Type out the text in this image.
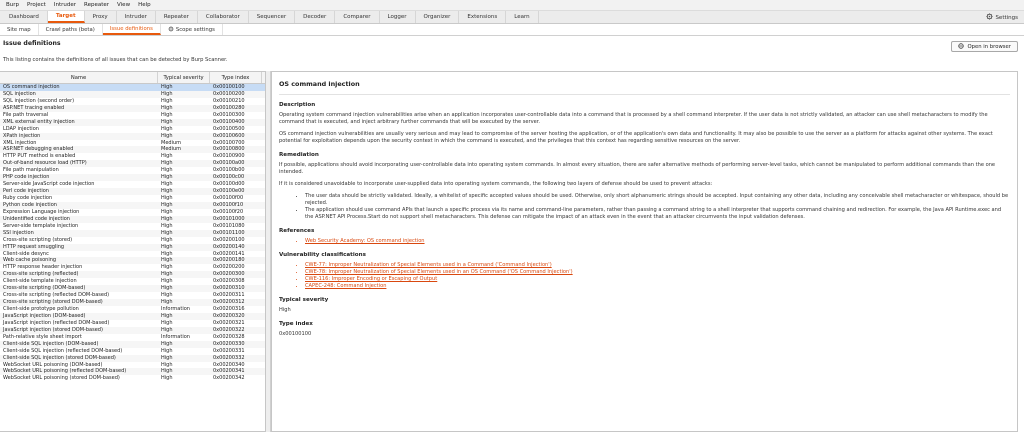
Burp	Project	Intruder	Repeater	View	Help
Dashboard	Target	Proxy	Intruder	Repeater	Collaborator	Sequencer	Decoder	Comparer	Logger	Organizer	Extensions	Learn	Settings
Site map	Crawl paths (beta)	Issue definitions	Scope settings
Issue definitions
This listing contains the definitions of all issues that can be detected by Burp Scanner.
Open in browser
Name	Typical severity	Type index
OS command injection	High	0x00100100
SQL injection	High	0x00100200
SQL injection (second order)	High	0x00100210
ASP.NET tracing enabled	High	0x00100280
File path traversal	High	0x00100300
XML external entity injection	High	0x00100400
LDAP injection	High	0x00100500
XPath injection	High	0x00100600
XML injection	Medium	0x00100700
ASP.NET debugging enabled	Medium	0x00100800
HTTP PUT method is enabled	High	0x00100900
Out-of-band resource load (HTTP)	High	0x00100a00
File path manipulation	High	0x00100b00
PHP code injection	High	0x00100c00
Server-side JavaScript code injection	High	0x00100d00
Perl code injection	High	0x00100e00
Ruby code injection	High	0x00100f00
Python code injection	High	0x00100f10
Expression Language injection	High	0x00100f20
Unidentified code injection	High	0x00101000
Server-side template injection	High	0x00101080
SSI injection	High	0x00101100
Cross-site scripting (stored)	High	0x00200100
HTTP request smuggling	High	0x00200140
Client-side desync	High	0x00200141
Web cache poisoning	High	0x00200180
HTTP response header injection	High	0x00200200
Cross-site scripting (reflected)	High	0x00200300
Client-side template injection	High	0x00200308
Cross-site scripting (DOM-based)	High	0x00200310
Cross-site scripting (reflected DOM-based)	High	0x00200311
Cross-site scripting (stored DOM-based)	High	0x00200312
Client-side prototype pollution	Information	0x00200316
JavaScript injection (DOM-based)	High	0x00200320
JavaScript injection (reflected DOM-based)	High	0x00200321
JavaScript injection (stored DOM-based)	High	0x00200322
Path-relative style sheet import	Information	0x00200328
Client-side SQL injection (DOM-based)	High	0x00200330
Client-side SQL injection (reflected DOM-based)	High	0x00200331
Client-side SQL injection (stored DOM-based)	High	0x00200332
WebSocket URL poisoning (DOM-based)	High	0x00200340
WebSocket URL poisoning (reflected DOM-based)	High	0x00200341
WebSocket URL poisoning (stored DOM-based)	High	0x00200342
OS command injection
Description

Operating system command injection vulnerabilities arise when an application incorporates user-controllable data into a command that is processed by a shell command interpreter. If the user data is not strictly validated, an attacker can use shell metacharacters to modify the command that is executed, and inject arbitrary further commands that will be executed by the server.

OS command injection vulnerabilities are usually very serious and may lead to compromise of the server hosting the application, or of the application's own data and functionality. It may also be possible to use the server as a platform for attacks against other systems. The exact potential for exploitation depends upon the security context in which the command is executed, and the privileges that this context has regarding sensitive resources on the server.

Remediation

If possible, applications should avoid incorporating user-controllable data into operating system commands. In almost every situation, there are safer alternative methods of performing server-level tasks, which cannot be manipulated to perform additional commands than the one intended.

If it is considered unavoidable to incorporate user-supplied data into operating system commands, the following two layers of defense should be used to prevent attacks:

• The user data should be strictly validated. Ideally, a whitelist of specific accepted values should be used. Otherwise, only short alphanumeric strings should be accepted. Input containing any other data, including any conceivable shell metacharacter or whitespace, should be rejected.
• The application should use command APIs that launch a specific process via its name and command-line parameters, rather than passing a command string to a shell interpreter that supports command chaining and redirection. For example, the Java API Runtime.exec and the ASP.NET API Process.Start do not support shell metacharacters. This defense can mitigate the impact of an attack even in the event that an attacker circumvents the input validation defenses.
References
• Web Security Academy: OS command injection
Vulnerability classifications
• CWE-77: Improper Neutralization of Special Elements used in a Command ('Command Injection')
• CWE-78: Improper Neutralization of Special Elements used in an OS Command ('OS Command Injection')
• CWE-116: Improper Encoding or Escaping of Output
• CAPEC-248: Command Injection
Typical severity

High

Type index

0x00100100
